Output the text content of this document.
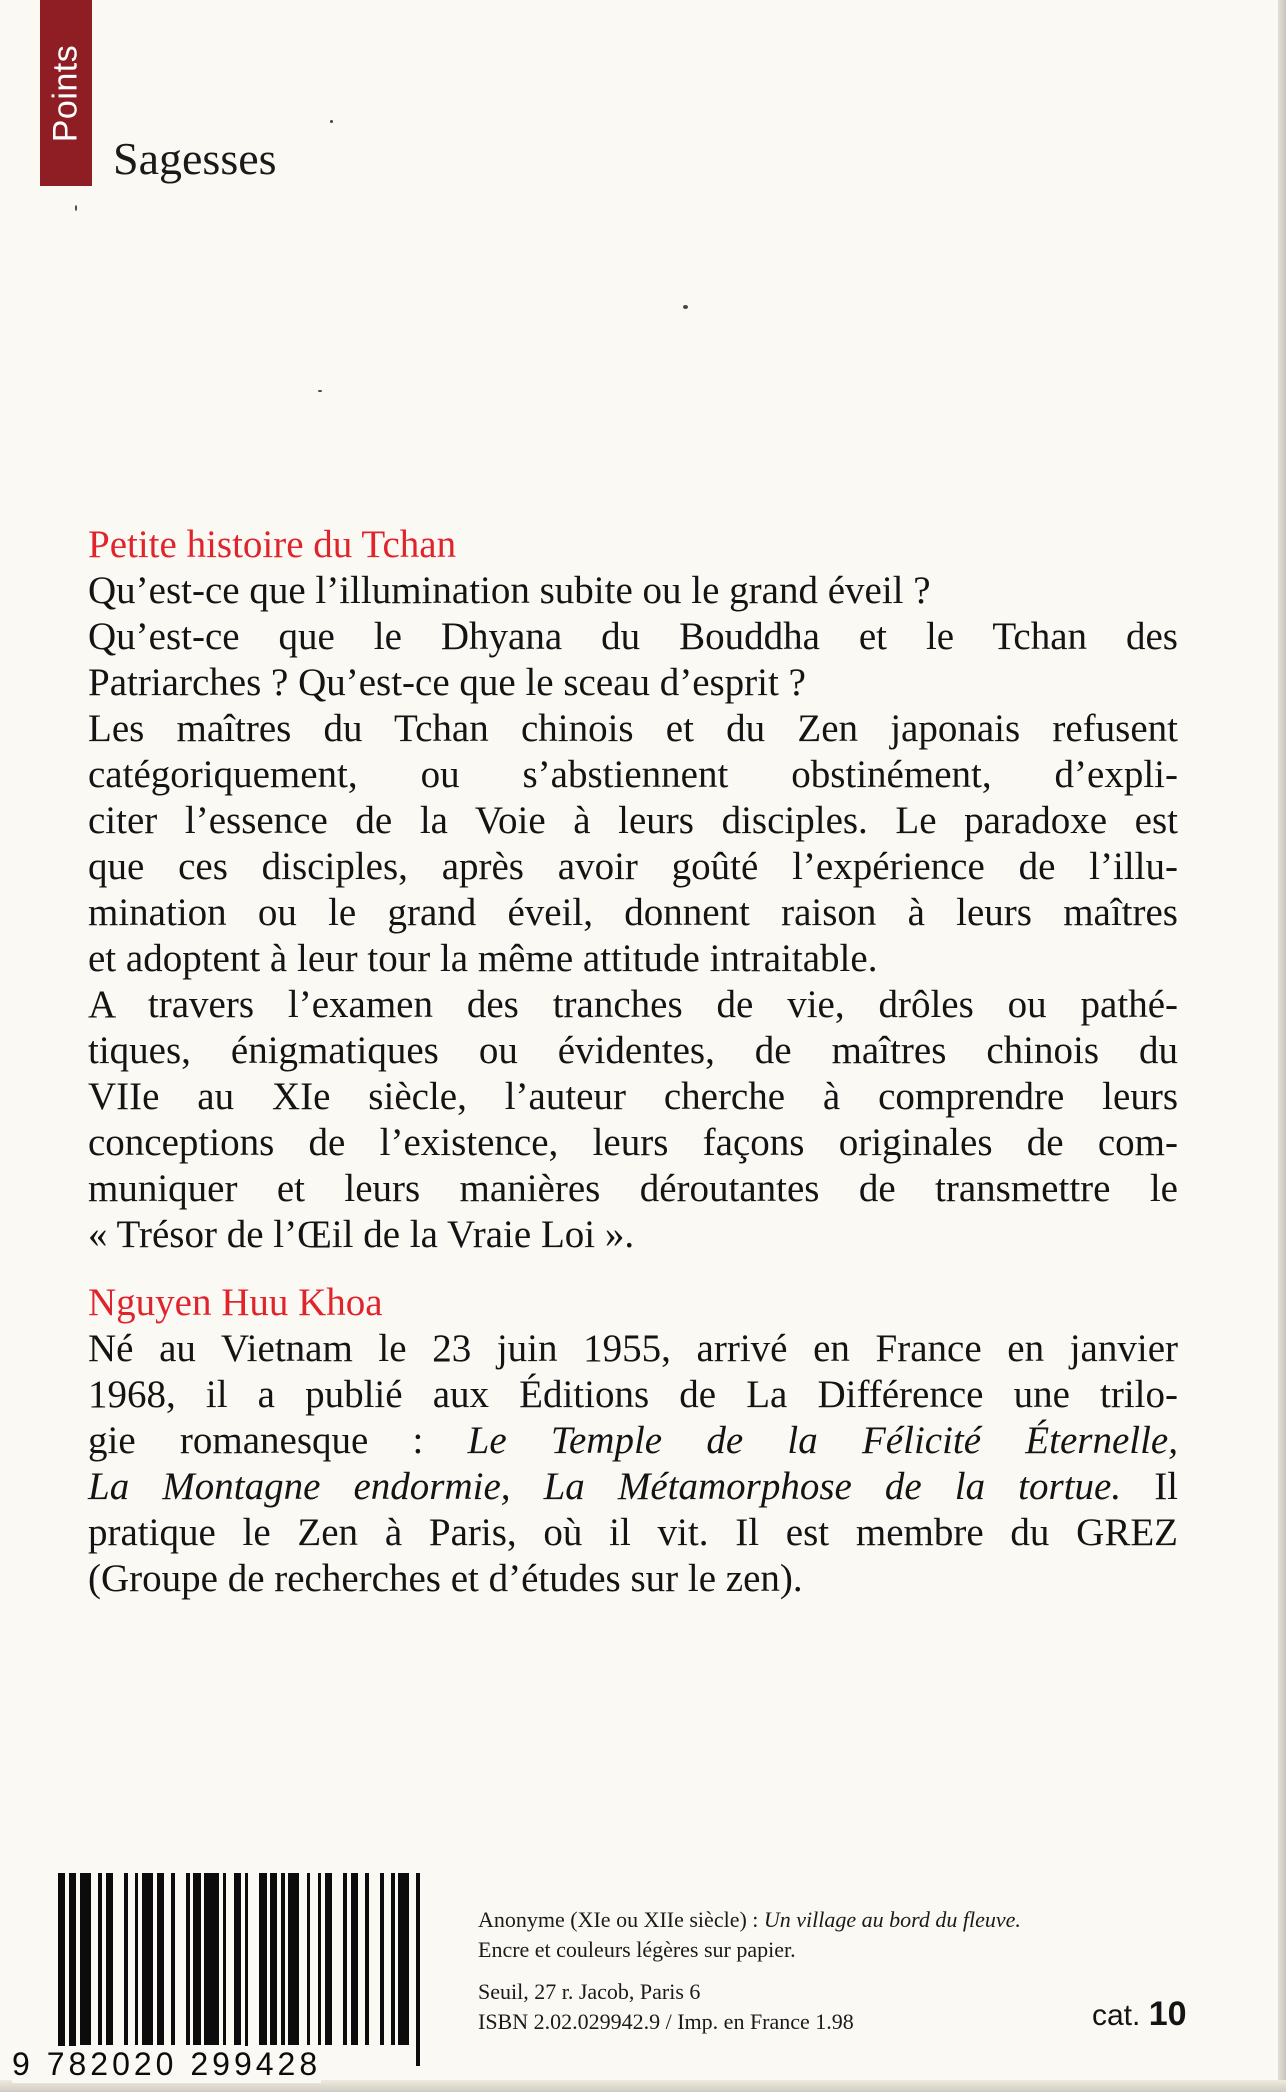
Points
Sagesses
Petite histoire du Tchan

Qu’est-ce que l’illumination subite ou le grand éveil ?
Qu’est-ce que le Dhyana du Bouddha et le Tchan des
Patriarches ? Qu’est-ce que le sceau d’esprit ?
Les maîtres du Tchan chinois et du Zen japonais refusent
catégoriquement, ou s’abstiennent obstinément, d’expli-
citer l’essence de la Voie à leurs disciples. Le paradoxe est
que ces disciples, après avoir goûté l’expérience de l’illu-
mination ou le grand éveil, donnent raison à leurs maîtres
et adoptent à leur tour la même attitude intraitable.
A travers l’examen des tranches de vie, drôles ou pathé-
tiques, énigmatiques ou évidentes, de maîtres chinois du
VIIe au XIe siècle, l’auteur cherche à comprendre leurs
conceptions de l’existence, leurs façons originales de com-
muniquer et leurs manières déroutantes de transmettre le
« Trésor de l’Œil de la Vraie Loi ».

Nguyen Huu Khoa

Né au Vietnam le 23 juin 1955, arrivé en France en janvier
1968, il a publié aux Éditions de La Différence une trilo-
gie romanesque : Le Temple de la Félicité Éternelle,
La Montagne endormie, La Métamorphose de la tortue. Il
pratique le Zen à Paris, où il vit. Il est membre du GREZ
(Groupe de recherches et d’études sur le zen).

9 782020 299428
Anonyme (XIe ou XIIe siècle) : Un village au bord du fleuve.
Encre et couleurs légères sur papier.
Seuil, 27 r. Jacob, Paris 6
ISBN 2.02.029942.9 / Imp. en France 1.98	cat. 10
